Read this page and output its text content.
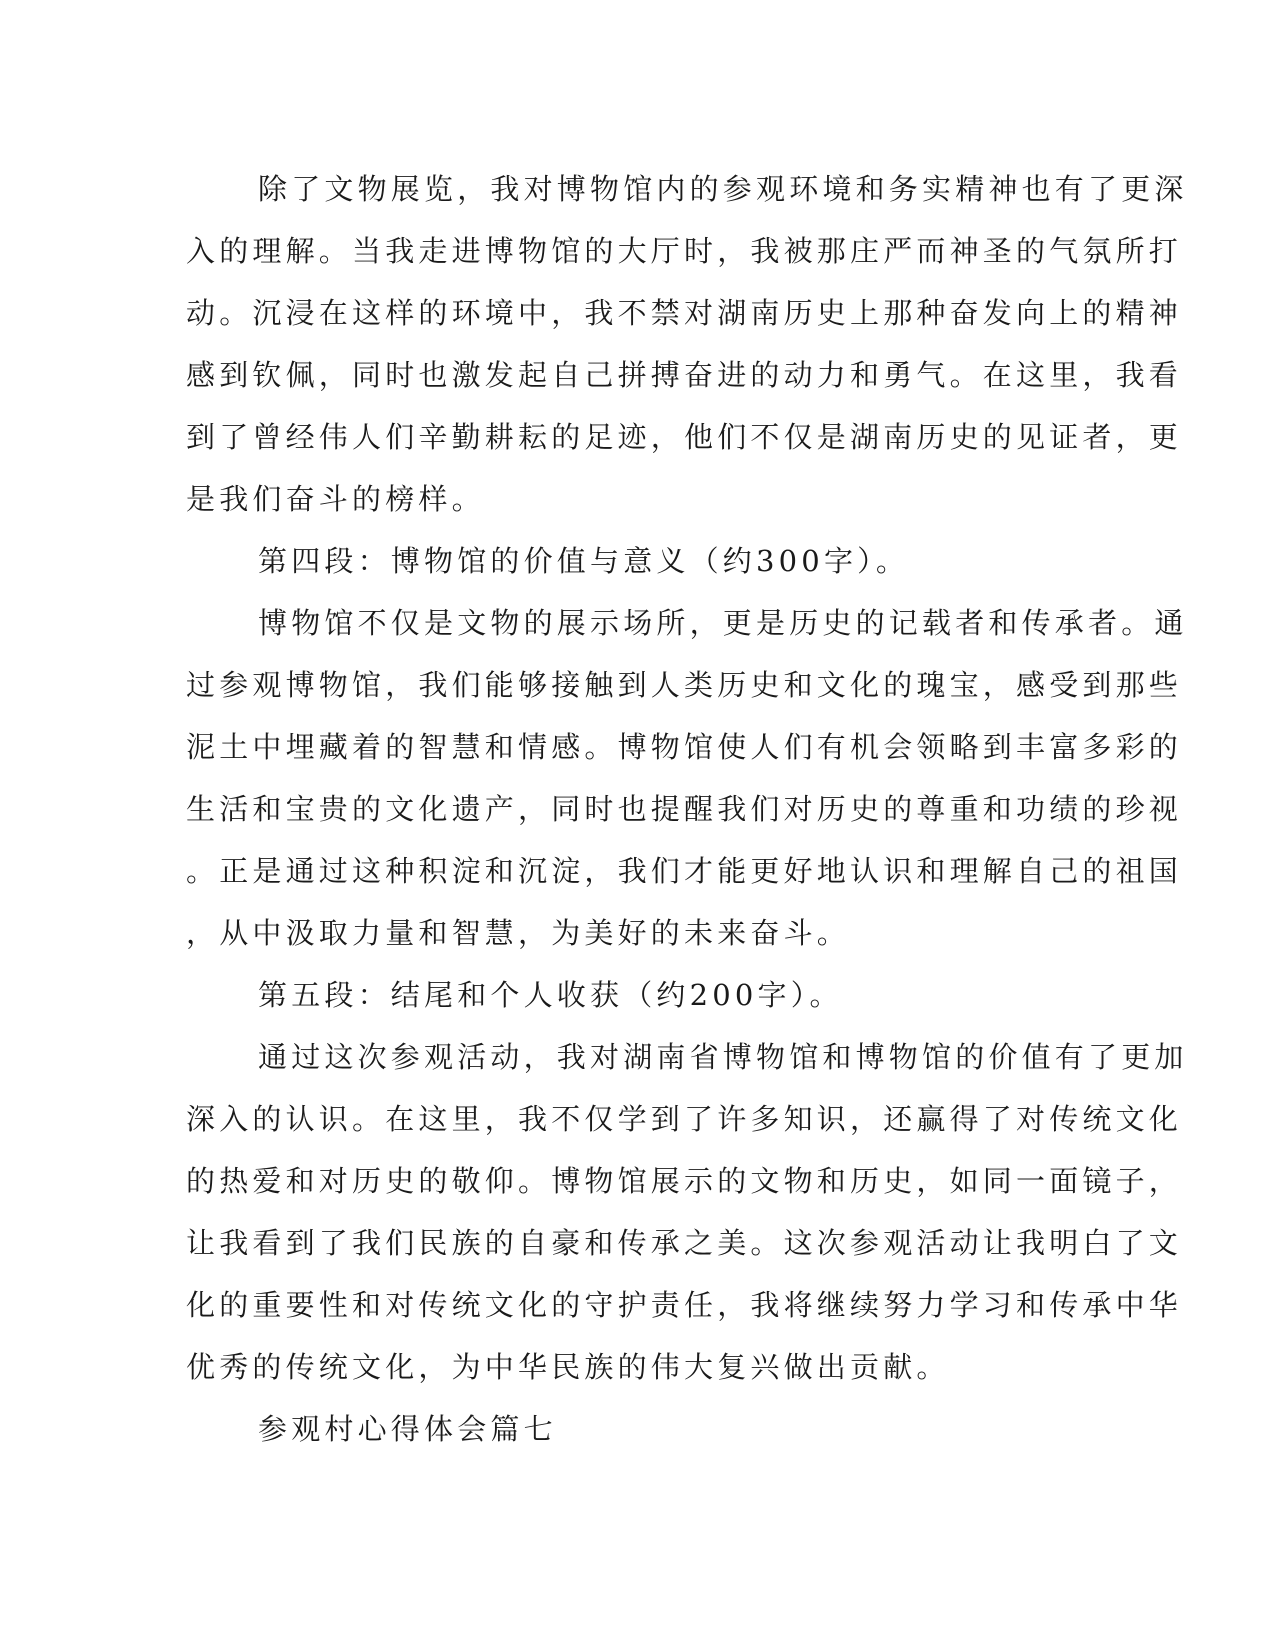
除了文物展览，我对博物馆内的参观环境和务实精神也有了更深
入的理解。当我走进博物馆的大厅时，我被那庄严而神圣的气氛所打
动。沉浸在这样的环境中，我不禁对湖南历史上那种奋发向上的精神
感到钦佩，同时也激发起自己拼搏奋进的动力和勇气。在这里，我看
到了曾经伟人们辛勤耕耘的足迹，他们不仅是湖南历史的见证者，更
是我们奋斗的榜样。
第四段：博物馆的价值与意义（约300字）。
博物馆不仅是文物的展示场所，更是历史的记载者和传承者。通
过参观博物馆，我们能够接触到人类历史和文化的瑰宝，感受到那些
泥土中埋藏着的智慧和情感。博物馆使人们有机会领略到丰富多彩的
生活和宝贵的文化遗产，同时也提醒我们对历史的尊重和功绩的珍视
。正是通过这种积淀和沉淀，我们才能更好地认识和理解自己的祖国
，从中汲取力量和智慧，为美好的未来奋斗。
第五段：结尾和个人收获（约200字）。
通过这次参观活动，我对湖南省博物馆和博物馆的价值有了更加
深入的认识。在这里，我不仅学到了许多知识，还赢得了对传统文化
的热爱和对历史的敬仰。博物馆展示的文物和历史，如同一面镜子，
让我看到了我们民族的自豪和传承之美。这次参观活动让我明白了文
化的重要性和对传统文化的守护责任，我将继续努力学习和传承中华
优秀的传统文化，为中华民族的伟大复兴做出贡献。
参观村心得体会篇七
